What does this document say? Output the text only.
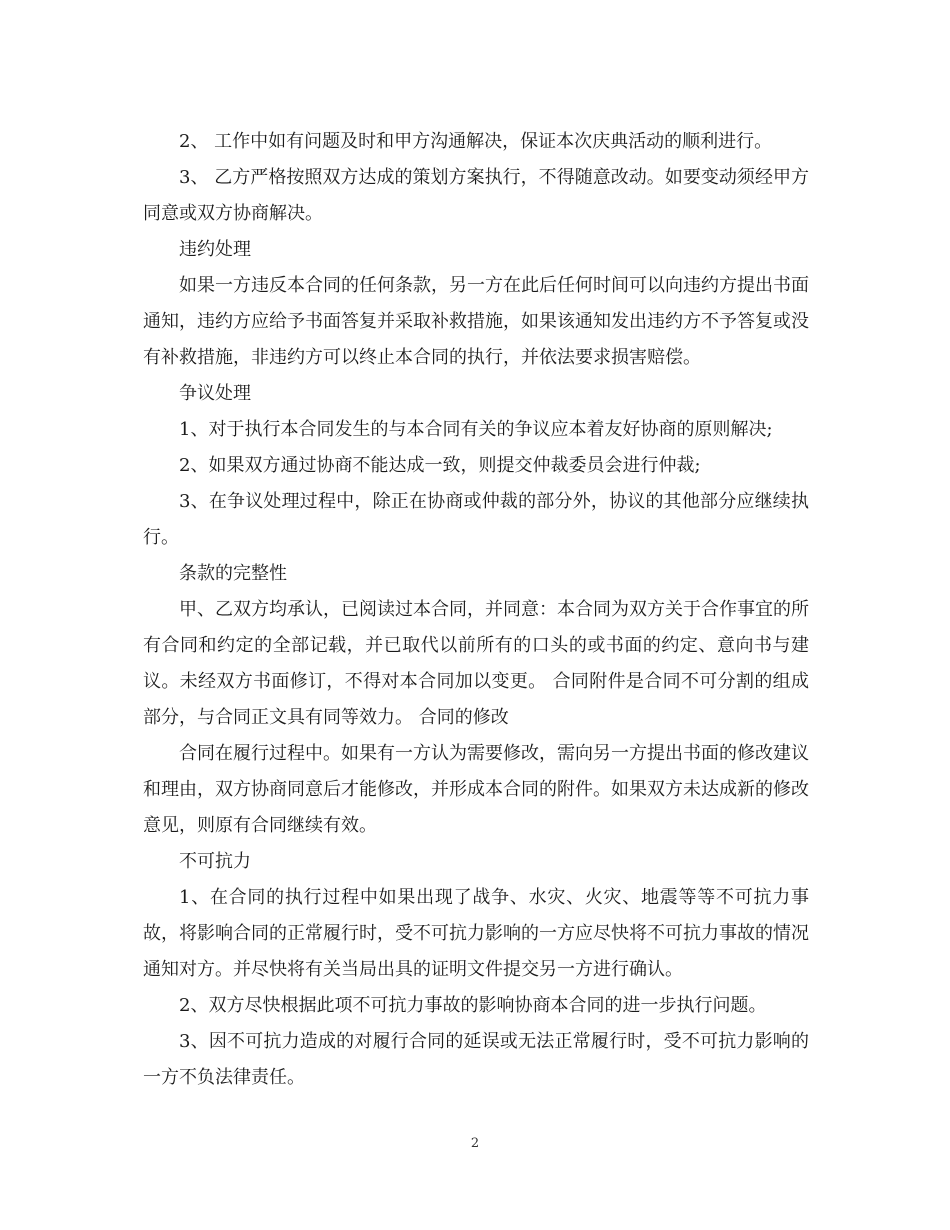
2、 工作中如有问题及时和甲方沟通解决，保证本次庆典活动的顺利进行。

3、 乙方严格按照双方达成的策划方案执行，不得随意改动。如要变动须经甲方同意或双方协商解决。

违约处理

如果一方违反本合同的任何条款，另一方在此后任何时间可以向违约方提出书面通知，违约方应给予书面答复并采取补救措施，如果该通知发出违约方不予答复或没有补救措施，非违约方可以终止本合同的执行，并依法要求损害赔偿。

争议处理

1、对于执行本合同发生的与本合同有关的争议应本着友好协商的原则解决;

2、如果双方通过协商不能达成一致，则提交仲裁委员会进行仲裁;

3、在争议处理过程中，除正在协商或仲裁的部分外，协议的其他部分应继续执行。

条款的完整性

甲、乙双方均承认，已阅读过本合同，并同意：本合同为双方关于合作事宜的所有合同和约定的全部记载，并已取代以前所有的口头的或书面的约定、意向书与建议。未经双方书面修订，不得对本合同加以变更。 合同附件是合同不可分割的组成部分，与合同正文具有同等效力。 合同的修改

合同在履行过程中。如果有一方认为需要修改，需向另一方提出书面的修改建议和理由，双方协商同意后才能修改，并形成本合同的附件。如果双方未达成新的修改意见，则原有合同继续有效。

不可抗力

1、在合同的执行过程中如果出现了战争、水灾、火灾、地震等等不可抗力事故，将影响合同的正常履行时，受不可抗力影响的一方应尽快将不可抗力事故的情况通知对方。并尽快将有关当局出具的证明文件提交另一方进行确认。

2、双方尽快根据此项不可抗力事故的影响协商本合同的进一步执行问题。

3、因不可抗力造成的对履行合同的延误或无法正常履行时，受不可抗力影响的一方不负法律责任。

2
